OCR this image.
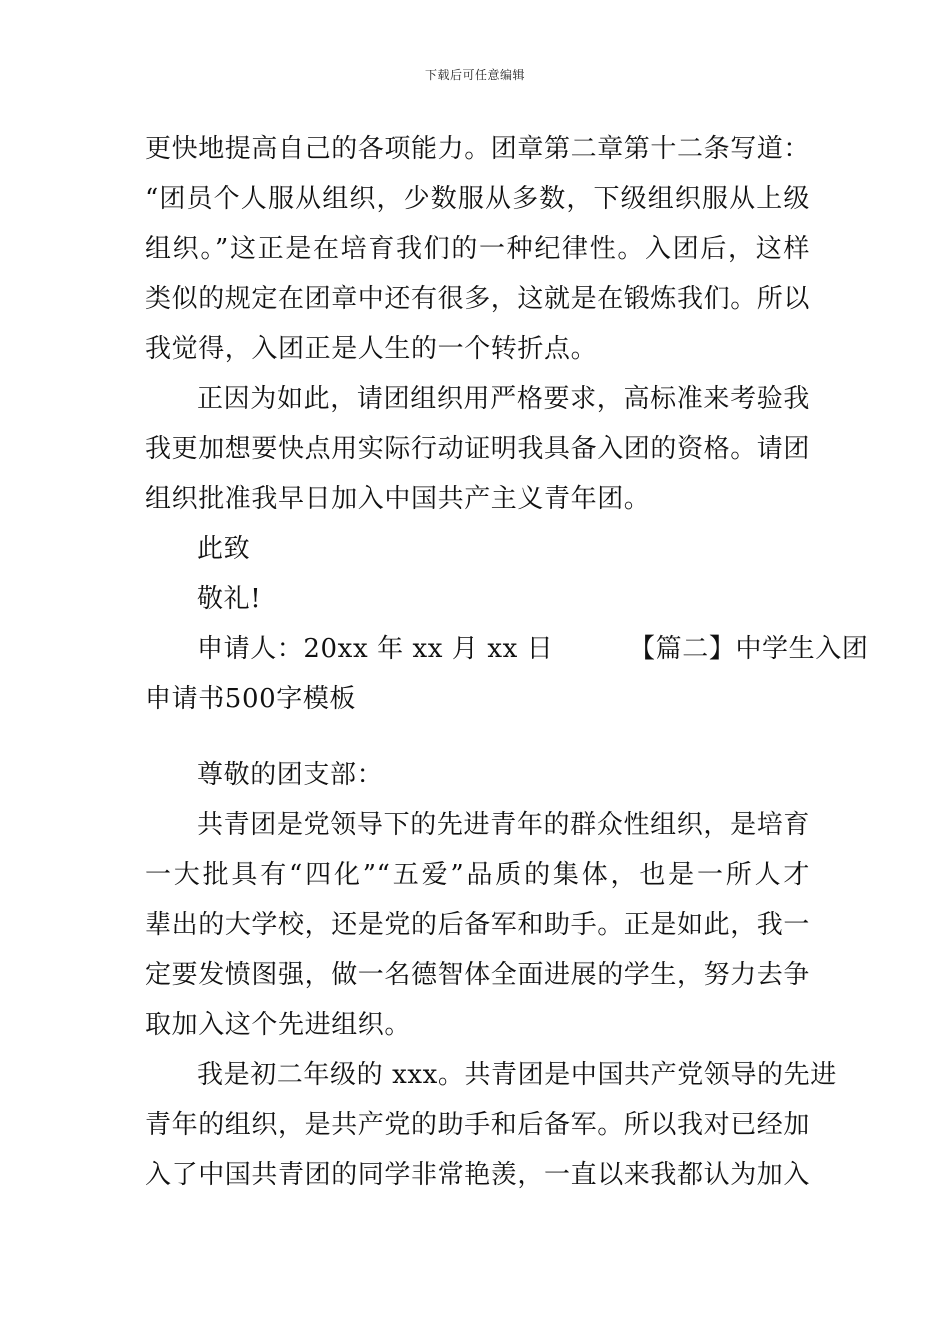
下载后可任意编辑
更快地提高自己的各项能力。团章第二章第十二条写道：
“团员个人服从组织，少数服从多数，下级组织服从上级
组织。”这正是在培育我们的一种纪律性。入团后，这样
类似的规定在团章中还有很多，这就是在锻炼我们。所以
我觉得，入团正是人生的一个转折点。
正因为如此，请团组织用严格要求，高标准来考验我
我更加想要快点用实际行动证明我具备入团的资格。请团
组织批准我早日加入中国共产主义青年团。
此致
敬礼!
申请人：20xx 年 xx 月 xx 日 　　　【篇二】中学生入团
申请书500字模板
尊敬的团支部：
共青团是党领导下的先进青年的群众性组织，是培育
一大批具有“四化”“五爱”品质的集体，也是一所人才
辈出的大学校，还是党的后备军和助手。正是如此，我一
定要发愤图强，做一名德智体全面进展的学生，努力去争
取加入这个先进组织。
我是初二年级的 xxx。共青团是中国共产党领导的先进
青年的组织，是共产党的助手和后备军。所以我对已经加
入了中国共青团的同学非常艳羡，一直以来我都认为加入
